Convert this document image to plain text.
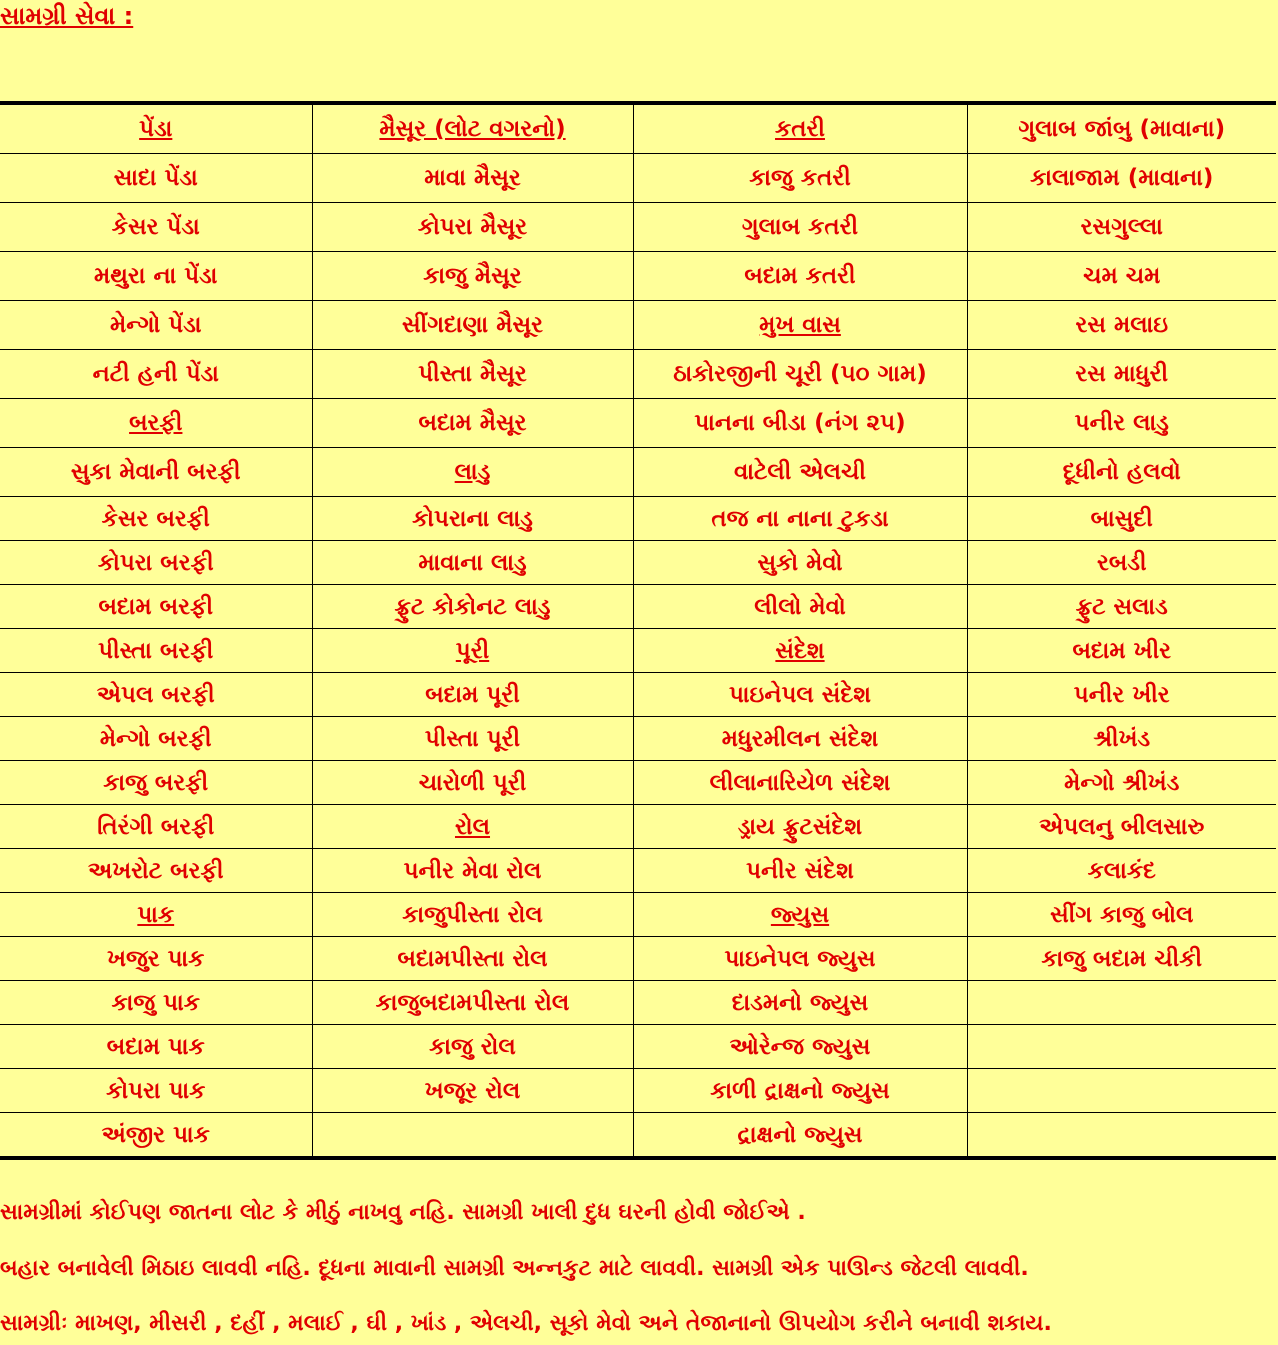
સામગ્રી સેવા :
પેંડા	મૈસૂર (લોટ વગરનો)	કતરી	ગુલાબ જાંબુ (માવાના)
સાદા પેંડા	માવા મૈસૂર	કાજુ કતરી	કાલાજામ (માવાના)
કેસર પેંડા	કોપરા મૈસૂર	ગુલાબ કતરી	રસગુલ્લા
મથુરા ના પેંડા	કાજુ મૈસૂર	બદામ કતરી	ચમ ચમ
મેન્ગો પેંડા	સીંગદાણા મૈસૂર	મુખ વાસ	રસ મલાઇ
નટી હની પેંડા	પીસ્તા મૈસૂર	ઠાકોરજીની ચૂરી (૫૦ ગામ)	રસ માધુરી
બરફી	બદામ મૈસૂર	પાનના બીડા (નંગ ૨૫)	પનીર લાડુ
સુકા મેવાની બરફી	લાડુ	વાટેલી એલચી	દૂધીનો હલવો
કેસર બરફી	કોપરાના લાડુ	તજ ના નાના ટુકડા	બાસુદી
કોપરા બરફી	માવાના લાડુ	સુકો મેવો	રબડી
બદામ બરફી	ફ્રુટ કોકોનટ લાડુ	લીલો મેવો	ફ્રુટ સલાડ
પીસ્તા બરફી	પૂરી	સંદેશ	બદામ ખીર
એપલ બરફી	બદામ પૂરી	પાઇનેપલ સંદેશ	પનીર ખીર
મેન્ગો બરફી	પીસ્તા પૂરી	મધુરમીલન સંદેશ	શ્રીખંડ
કાજુ બરફી	ચારોળી પૂરી	લીલાનારિયેળ સંદેશ	મેન્ગો શ્રીખંડ
તિરંગી બરફી	રોલ	ડ્રાય ફ્રુટસંદેશ	એપલનુ બીલસારુ
અખરોટ બરફી	પનીર મેવા રોલ	પનીર સંદેશ	કલાકંદ
પાક	કાજુપીસ્તા રોલ	જ્યુસ	સીંગ કાજુ બોલ
ખજુર પાક	બદામપીસ્તા રોલ	પાઇનેપલ જ્યુસ	કાજુ બદામ ચીકી
કાજુ પાક	કાજુબદામપીસ્તા રોલ	દાડમનો જ્યુસ	
બદામ પાક	કાજુ રોલ	ઓરેન્જ જ્યુસ	
કોપરા પાક	ખજૂર રોલ	કાળી દ્રાક્ષનો જ્યુસ	
અંજીર પાક		દ્રાક્ષનો જ્યુસ	
સામગ્રીમાં કોઈપણ જાતના લોટ કે મીઠું નાખવુ નહિ. સામગ્રી ખાલી દુધ ઘરની હોવી જોઈએ .
બહાર બનાવેલી મિઠાઇ લાવવી નહિ. દૂધના માવાની સામગ્રી અન્નકુટ માટે લાવવી. સામગ્રી એક પાઊન્ડ જેટલી લાવવી.
સામગ્રીઃ માખણ, મીસરી , દહીં , મલાઈ , ઘી , ખાંડ , એલચી, સૂકો મેવો અને તેજાનાનો ઊપયોગ કરીને બનાવી શકાય.
